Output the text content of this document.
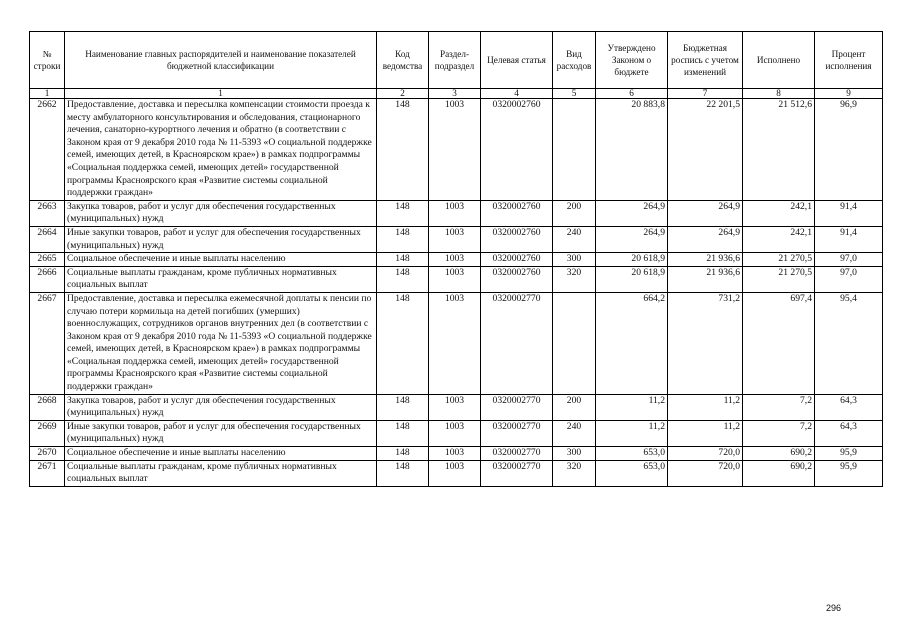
№ строки	Наименование главных распорядителей и наименование показателей бюджетной классификации	Код ведомства	Раздел-подраздел	Целевая статья	Вид расходов	Утверждено Законом о бюджете	Бюджетная роспись с учетом изменений	Исполнено	Процент исполнения
1	1	2	3	4	5	6	7	8	9
2662	Предоставление, доставка и пересылка компенсации стоимости проезда к месту амбулаторного консультирования и обследования, стационарного лечения, санаторно-курортного лечения и обратно (в соответствии с Законом края от 9 декабря 2010 года № 11-5393 «О социальной поддержке семей, имеющих детей, в Красноярском крае») в рамках подпрограммы «Социальная поддержка семей, имеющих детей» государственной программы Красноярского края «Развитие системы социальной поддержки граждан»	148	1003	0320002760		20 883,8	22 201,5	21 512,6	96,9
2663	Закупка товаров, работ и услуг для обеспечения государственных (муниципальных) нужд	148	1003	0320002760	200	264,9	264,9	242,1	91,4
2664	Иные закупки товаров, работ и услуг для обеспечения государственных (муниципальных) нужд	148	1003	0320002760	240	264,9	264,9	242,1	91,4
2665	Социальное обеспечение и иные выплаты населению	148	1003	0320002760	300	20 618,9	21 936,6	21 270,5	97,0
2666	Социальные выплаты гражданам, кроме публичных нормативных социальных выплат	148	1003	0320002760	320	20 618,9	21 936,6	21 270,5	97,0
2667	Предоставление, доставка и пересылка ежемесячной доплаты к пенсии по случаю потери кормильца на детей погибших (умерших) военнослужащих, сотрудников органов внутренних дел (в соответствии с Законом края от 9 декабря 2010 года № 11-5393 «О социальной поддержке семей, имеющих детей, в Красноярском крае») в рамках подпрограммы «Социальная поддержка семей, имеющих детей» государственной программы Красноярского края «Развитие системы социальной поддержки граждан»	148	1003	0320002770		664,2	731,2	697,4	95,4
2668	Закупка товаров, работ и услуг для обеспечения государственных (муниципальных) нужд	148	1003	0320002770	200	11,2	11,2	7,2	64,3
2669	Иные закупки товаров, работ и услуг для обеспечения государственных (муниципальных) нужд	148	1003	0320002770	240	11,2	11,2	7,2	64,3
2670	Социальное обеспечение и иные выплаты населению	148	1003	0320002770	300	653,0	720,0	690,2	95,9
2671	Социальные выплаты гражданам, кроме публичных нормативных социальных выплат	148	1003	0320002770	320	653,0	720,0	690,2	95,9
296
